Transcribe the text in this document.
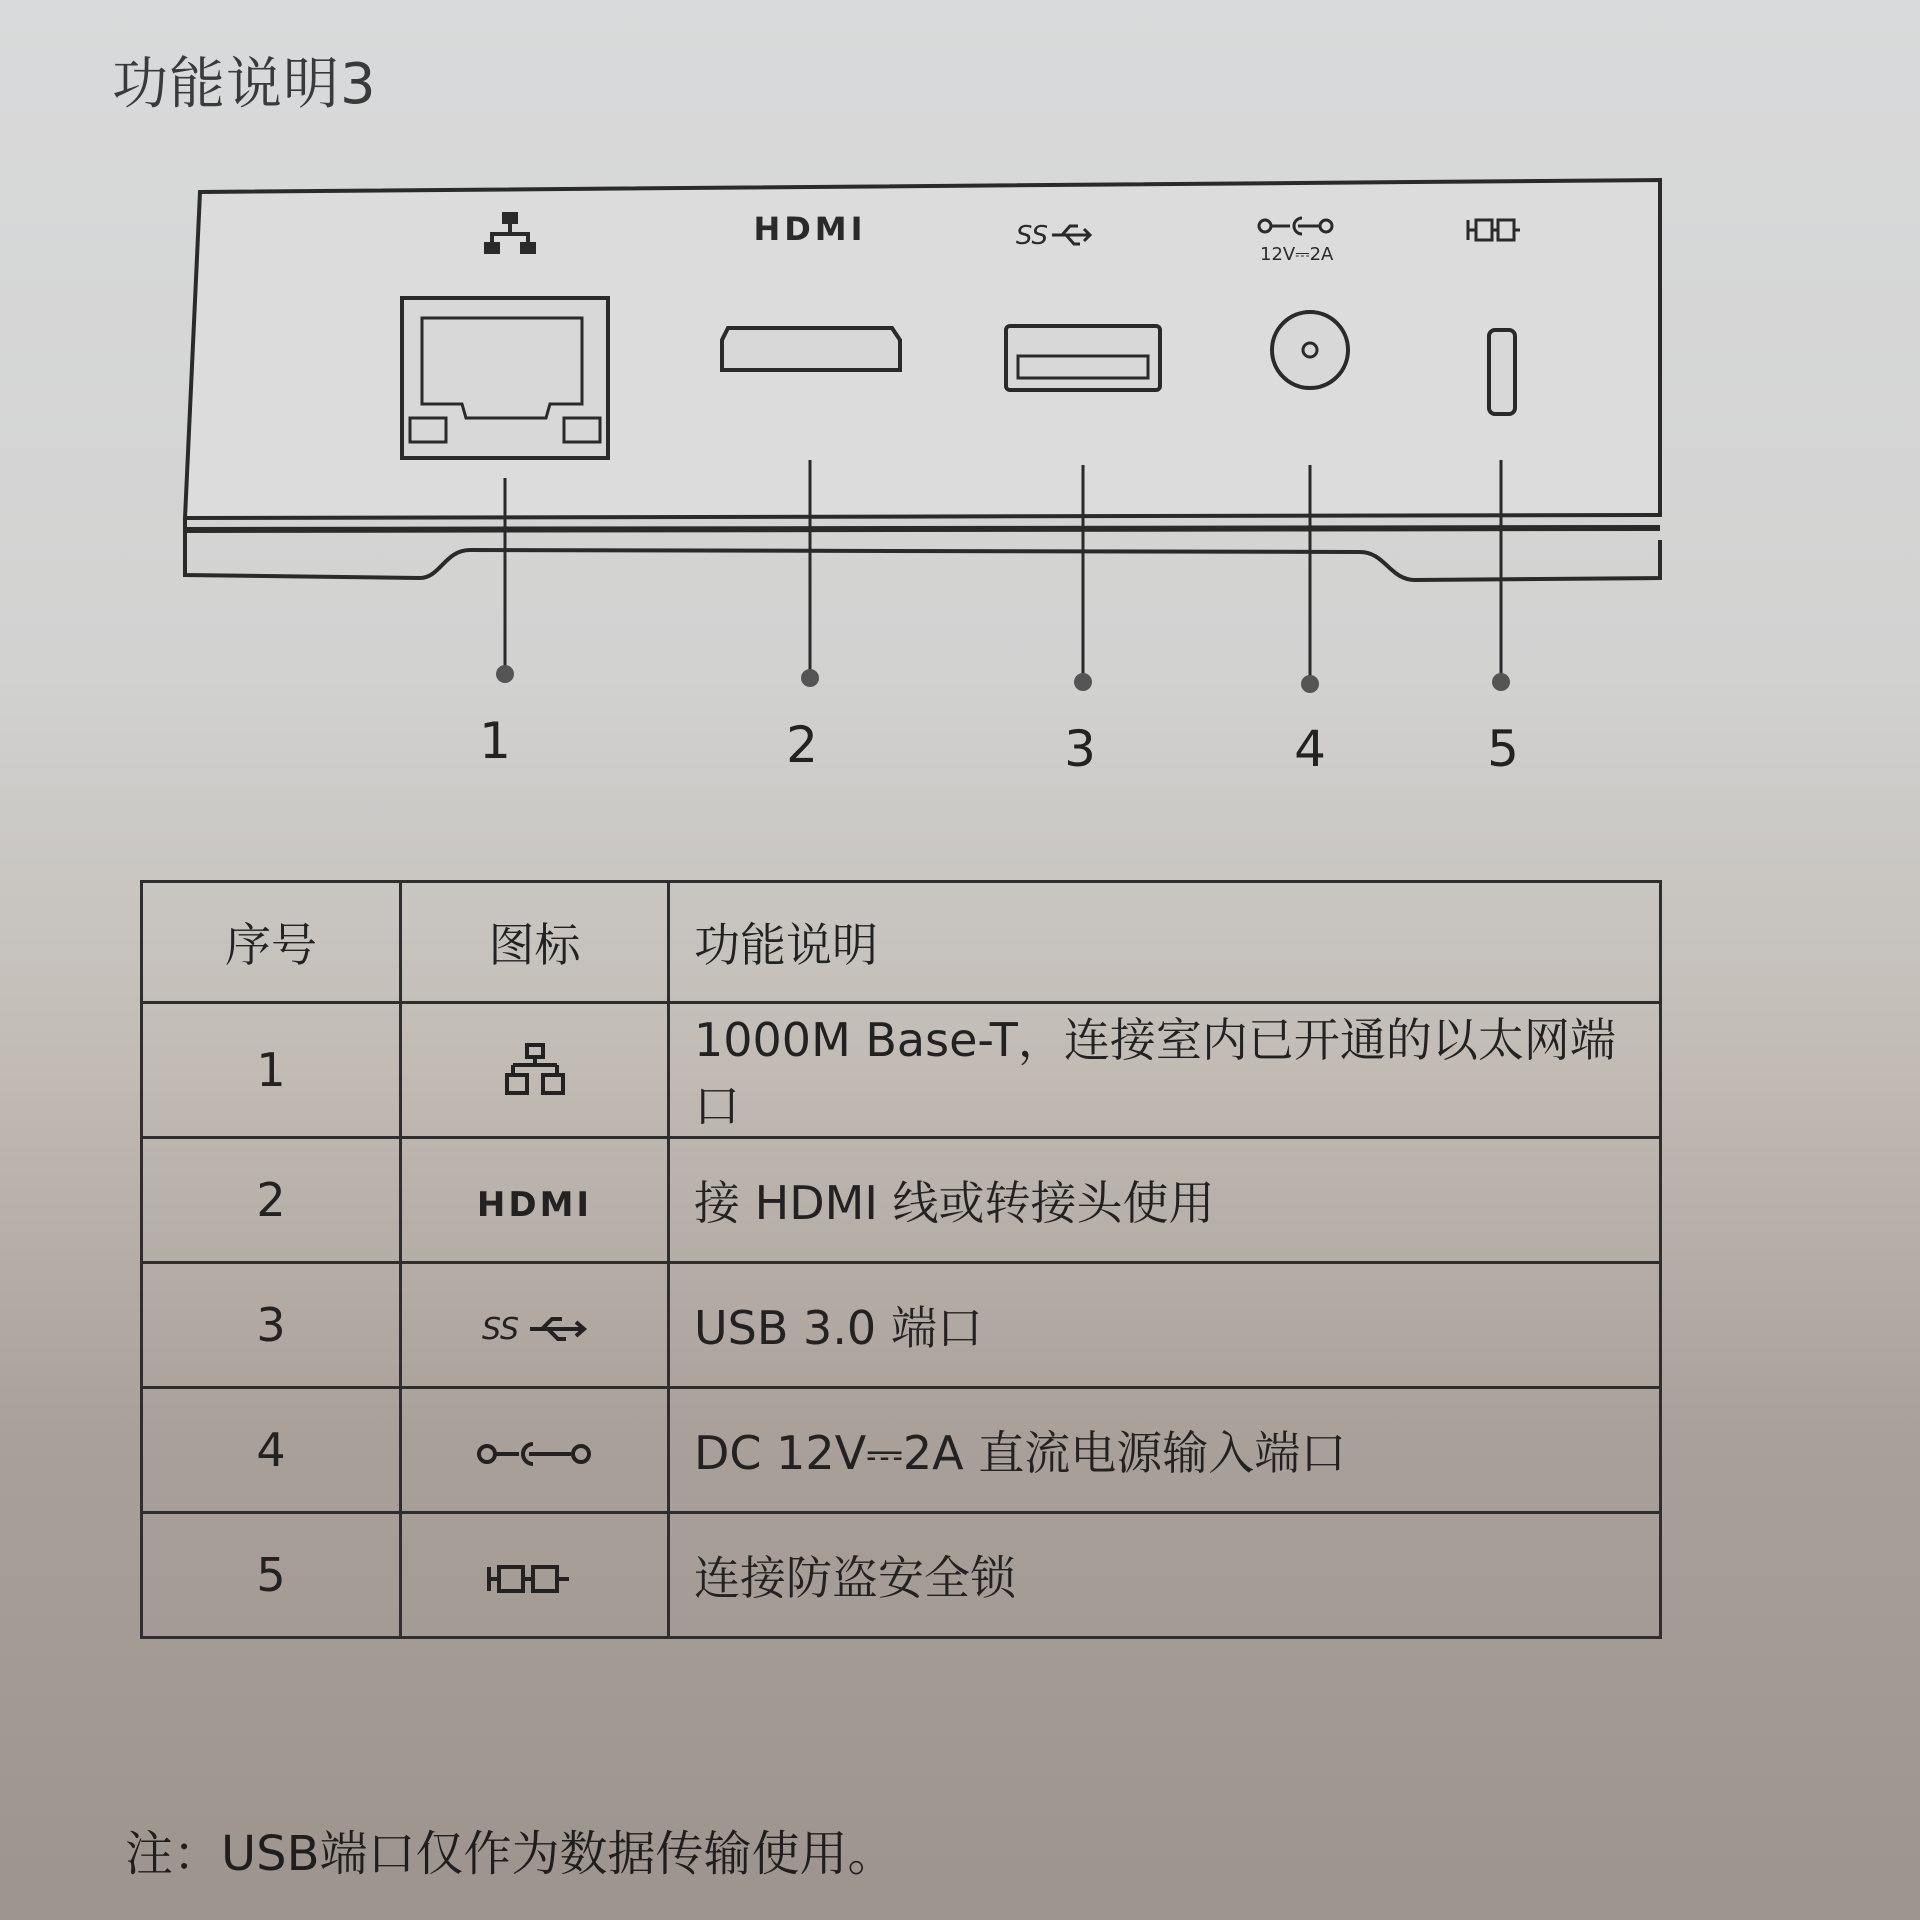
功能说明3
HDMI	SS
12V⎓2A
1	2	3	4	5
序号	图标	功能说明
1		1000M Base-T，连接室内已开通的以太网端口
2	HDMI	接 HDMI 线或转接头使用
3	SS	USB 3.0 端口
4		DC 12V⎓2A 直流电源输入端口
5		连接防盗安全锁
注：USB端口仅作为数据传输使用。
